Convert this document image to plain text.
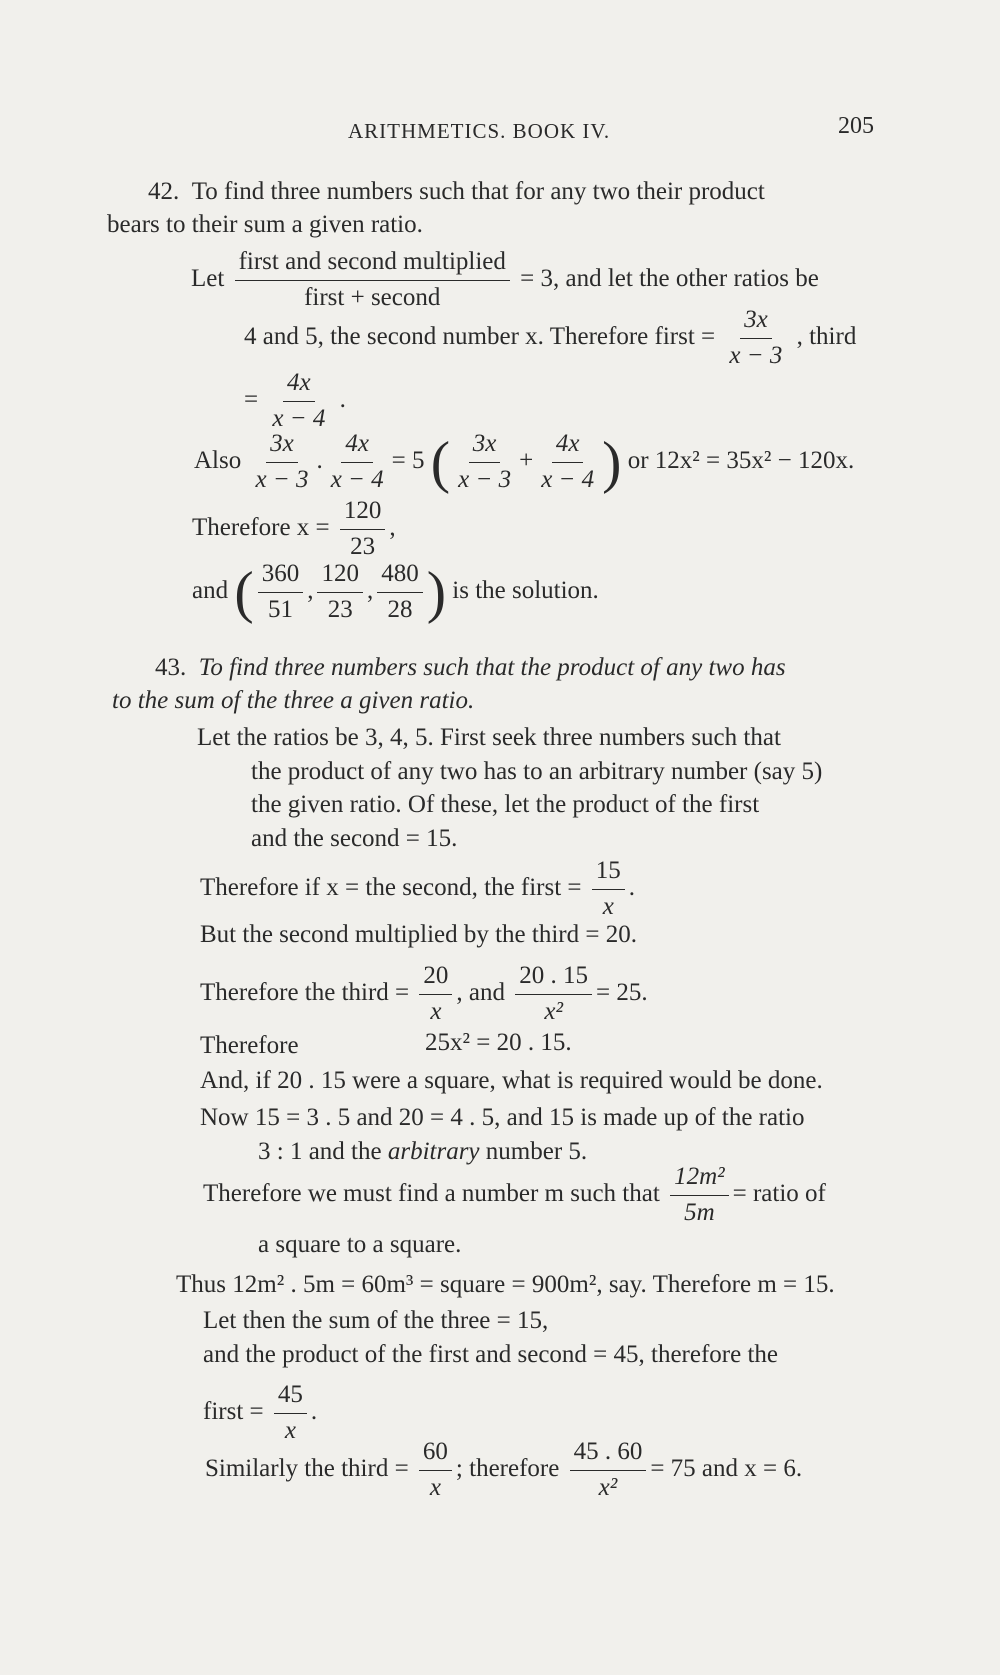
ARITHMETICS. BOOK IV.	205
42. To find three numbers such that for any two their product
bears to their sum a given ratio.
Let $\frac{\text{first and second multiplied}}{\text{first + second}} = 3$, and let the other ratios be
4 and 5, the second number x. Therefore first = $\frac{3x}{x - 3}$ , third
= $\frac{4x}{x - 4}$ .
Also $\frac{3x}{x - 3}$ . $\frac{4x}{x - 4} = 5$ ( $\frac{3x}{x - 3} + \frac{4x}{x - 4}$ ) or 12x² = 35x² − 120x.
Therefore $x = \frac{120}{23}$ ,
and ( $\frac{360}{51}$ , $\frac{120}{23}$ , $\frac{480}{28}$ ) is the solution.
43. To find three numbers such that the product of any two has
to the sum of the three a given ratio.
Let the ratios be 3, 4, 5. First seek three numbers such that
the product of any two has to an arbitrary number (say 5)
the given ratio. Of these, let the product of the first
and the second = 15.
Therefore if x = the second, the first = $\frac{15}{x}$ .
But the second multiplied by the third = 20.
Therefore the third = $\frac{20}{x}$ , and $\frac{20 . 15}{\text{x²}} = 25$.
Therefore	25x² = 20 . 15.
And, if 20 . 15 were a square, what is required would be done.
Now 15 = 3 . 5 and 20 = 4 . 5, and 15 is made up of the ratio
3 : 1 and the arbitrary number 5.
Therefore we must find a number m such that $\frac{\text{12m²}}{5m}$ = ratio of
a square to a square.
Thus 12m² . 5m = 60m³ = square = 900m², say. Therefore m = 15.
Let then the sum of the three = 15,
and the product of the first and second = 45, therefore the
first = $\frac{45}{x}$ .
Similarly the third = $\frac{60}{x}$ ; therefore $\frac{45 . 60}{\text{x²}} = 75$ and x = 6.
